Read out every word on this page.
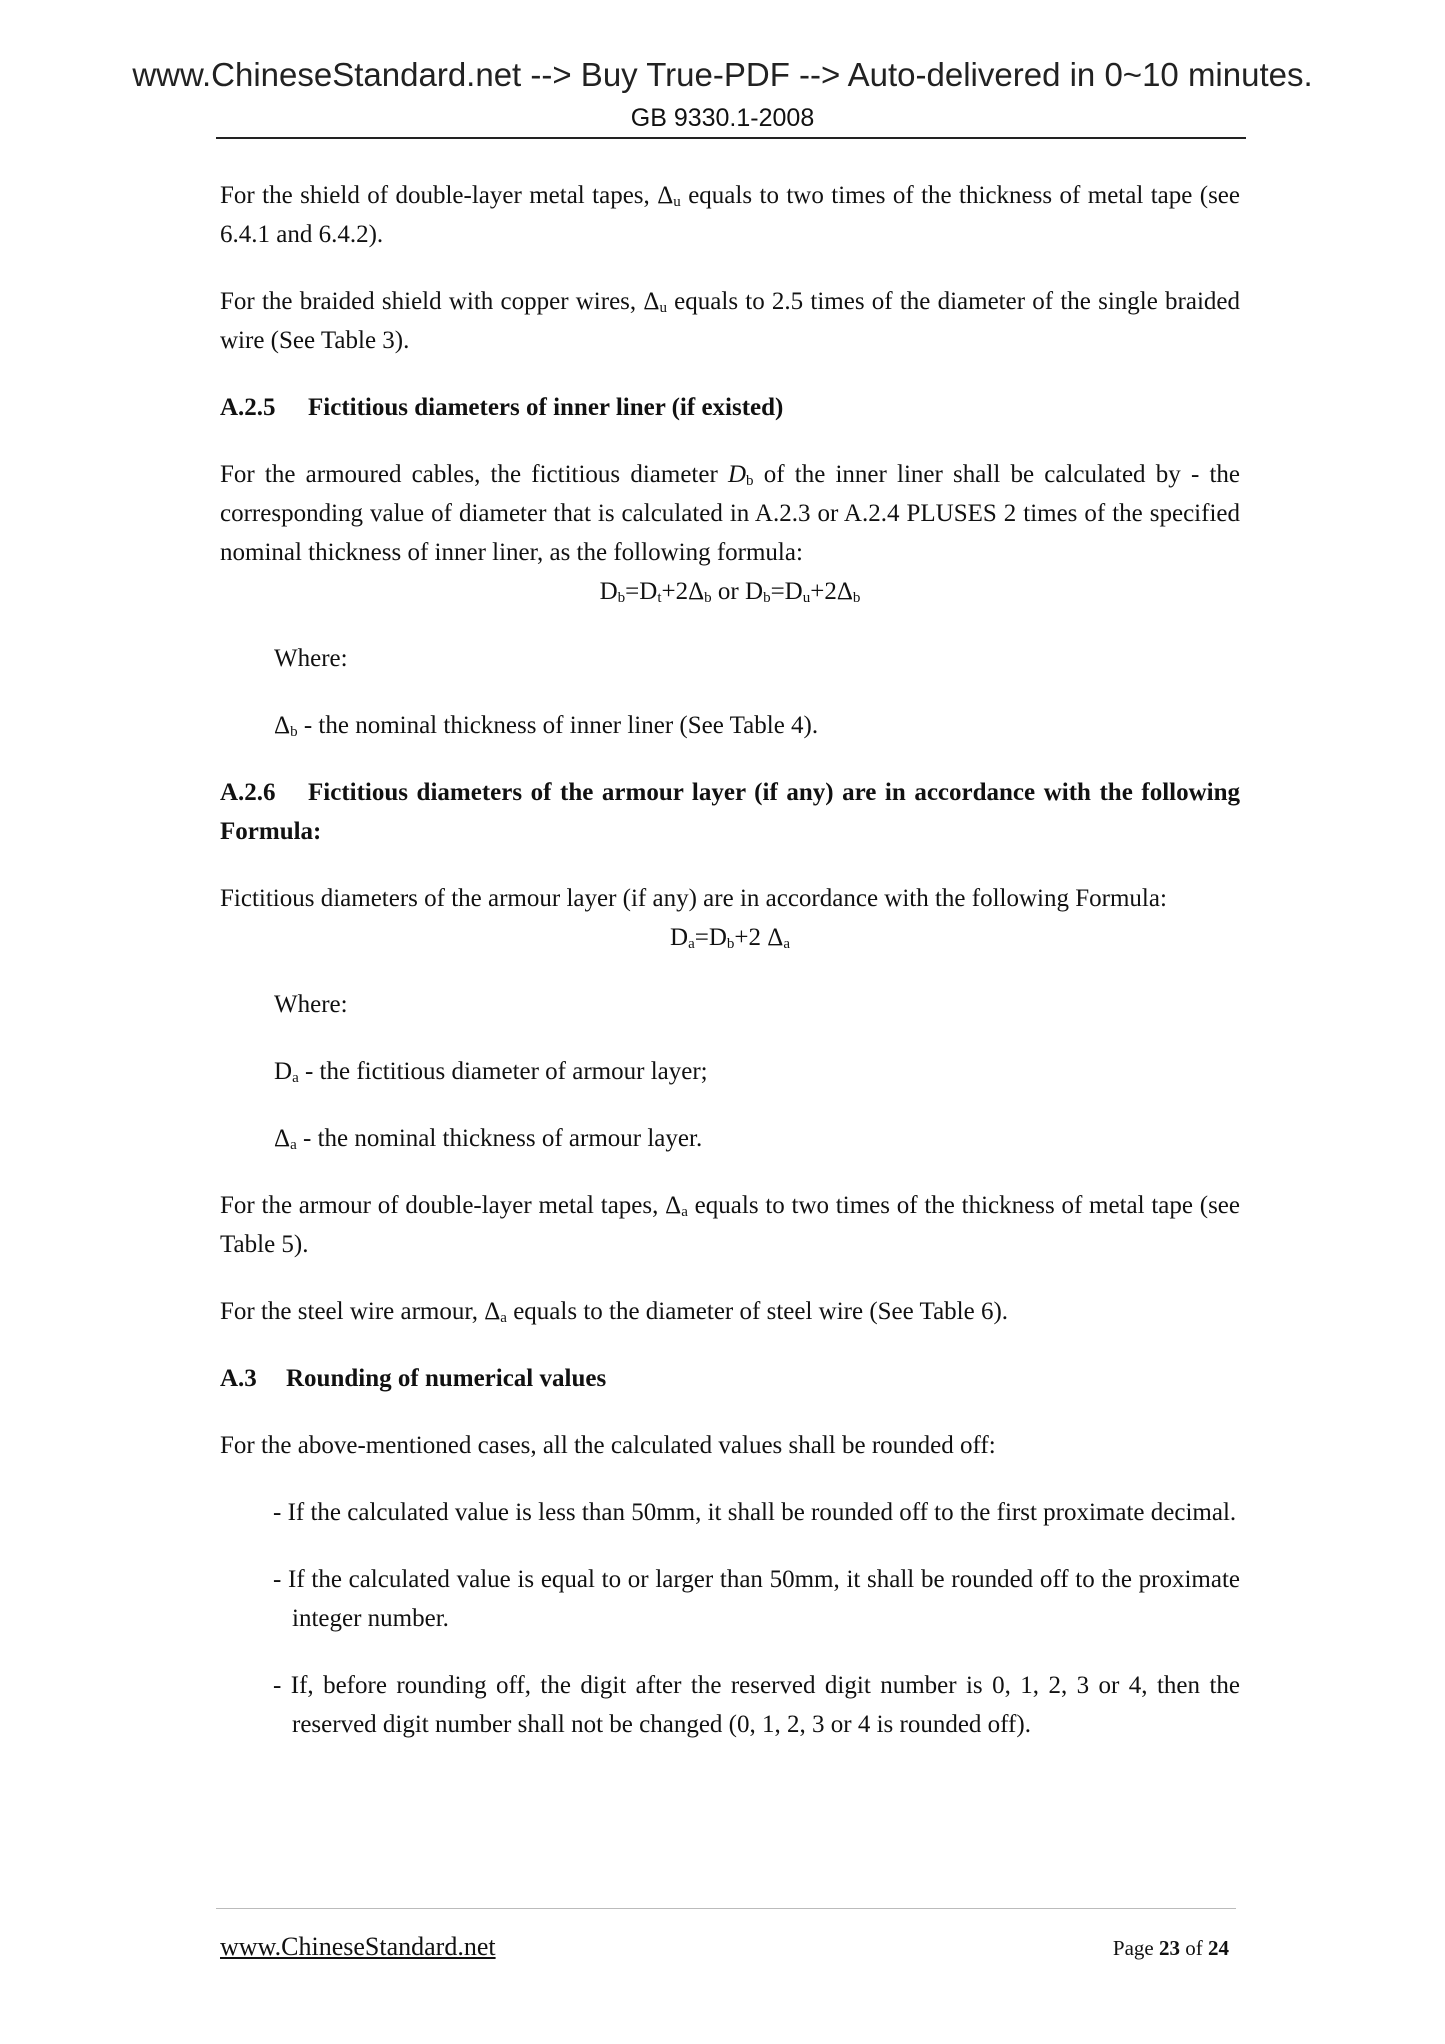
www.ChineseStandard.net --> Buy True-PDF --> Auto-delivered in 0~10 minutes.
GB 9330.1-2008

For the shield of double-layer metal tapes, $\Delta_u$ equals to two times of the thickness of metal tape (see 6.4.1 and 6.4.2).

For the braided shield with copper wires, $\Delta_u$ equals to 2.5 times of the diameter of the single braided wire (See Table 3).

A.2.5 Fictitious diameters of inner liner (if existed)

For the armoured cables, the fictitious diameter $D_b$ of the inner liner shall be calculated by - the corresponding value of diameter that is calculated in A.2.3 or A.2.4 PLUSES 2 times of the specified nominal thickness of inner liner, as the following formula:

$D_b=D_t+2\Delta_b$ or $D_b=D_u+2\Delta_b$

Where:

$\Delta_b$ - the nominal thickness of inner liner (See Table 4).

A.2.6 Fictitious diameters of the armour layer (if any) are in accordance with the following Formula:

Fictitious diameters of the armour layer (if any) are in accordance with the following Formula:

$D_a=D_b+2$ $\Delta_a$

Where:

$D_a$ - the fictitious diameter of armour layer;

$\Delta_a$ - the nominal thickness of armour layer.

For the armour of double-layer metal tapes, $\Delta_a$ equals to two times of the thickness of metal tape (see Table 5).

For the steel wire armour, $\Delta_a$ equals to the diameter of steel wire (See Table 6).

A.3 Rounding of numerical values

For the above-mentioned cases, all the calculated values shall be rounded off:

- If the calculated value is less than 50mm, it shall be rounded off to the first proximate decimal.

- If the calculated value is equal to or larger than 50mm, it shall be rounded off to the proximate integer number.

- If, before rounding off, the digit after the reserved digit number is 0, 1, 2, 3 or 4, then the reserved digit number shall not be changed (0, 1, 2, 3 or 4 is rounded off).

www.ChineseStandard.net	Page 23 of 24
